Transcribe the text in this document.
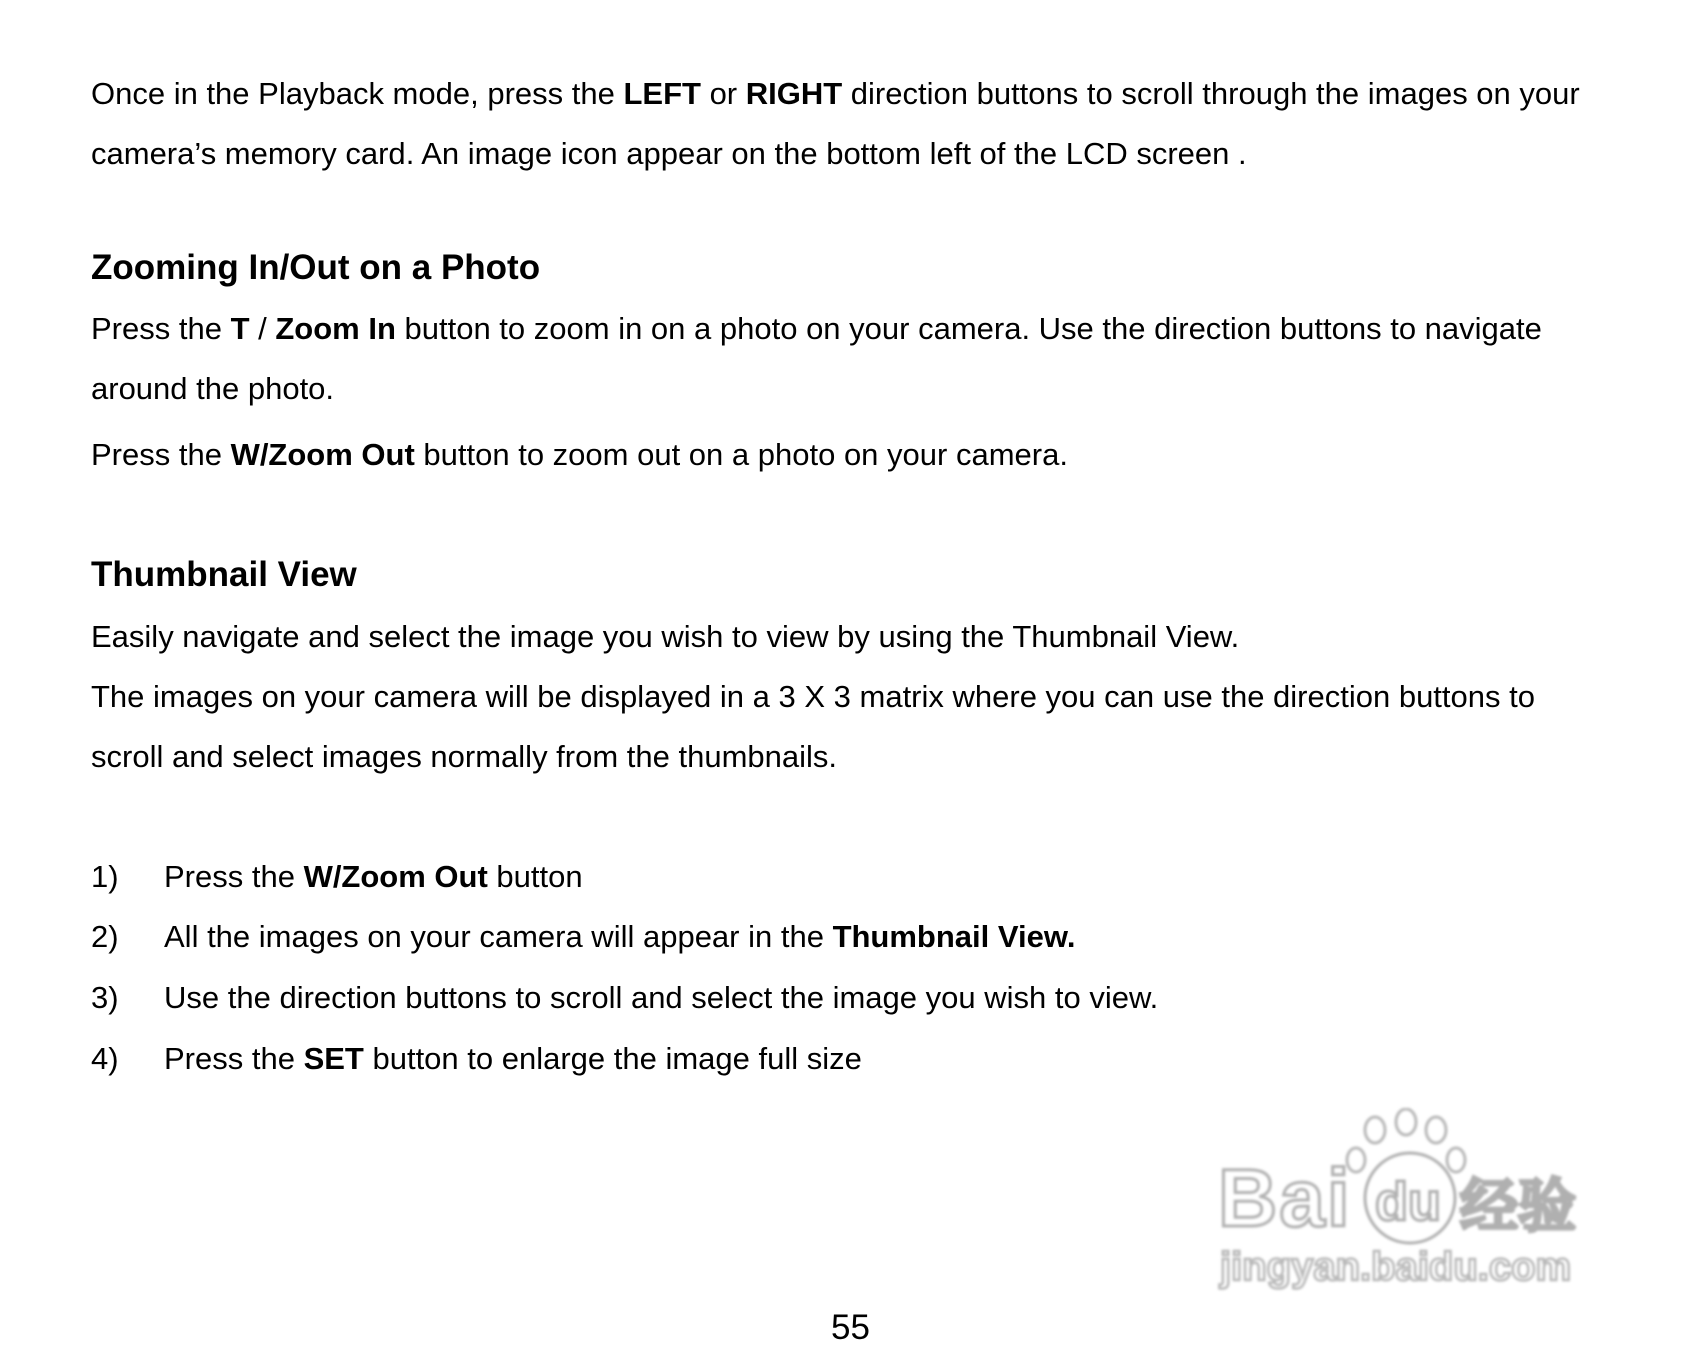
Once in the Playback mode, press the LEFT or RIGHT direction buttons to scroll through the images on your

camera’s memory card. An image icon appear on the bottom left of the LCD screen .

Zooming In/Out on a Photo

Press the T / Zoom In button to zoom in on a photo on your camera. Use the direction buttons to navigate

around the photo.

Press the W/Zoom Out button to zoom out on a photo on your camera.

Thumbnail View

Easily navigate and select the image you wish to view by using the Thumbnail View.

The images on your camera will be displayed in a 3 X 3 matrix where you can use the direction buttons to

scroll and select images normally from the thumbnails.

1) Press the W/Zoom Out button
2) All the images on your camera will appear in the Thumbnail View.
3) Use the direction buttons to scroll and select the image you wish to view.
4) Press the SET button to enlarge the image full size
Bai du 经验
jingyan.baidu.com
55
